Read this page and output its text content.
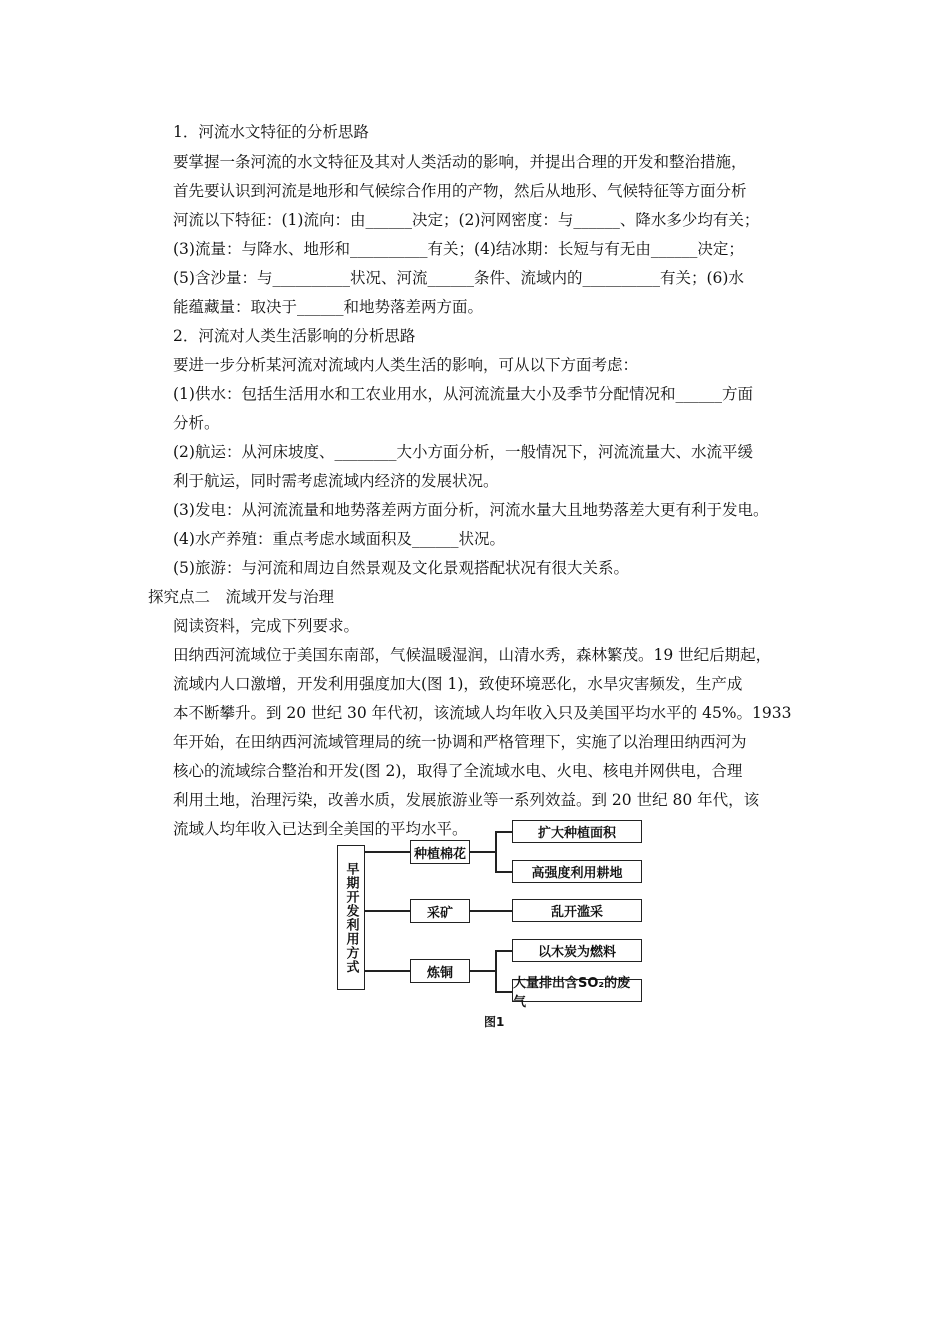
1．河流水文特征的分析思路
要掌握一条河流的水文特征及其对人类活动的影响，并提出合理的开发和整治措施，
首先要认识到河流是地形和气候综合作用的产物，然后从地形、气候特征等方面分析
河流以下特征：(1)流向：由______决定；(2)河网密度：与______、降水多少均有关；
(3)流量：与降水、地形和__________有关；(4)结冰期：长短与有无由______决定；
(5)含沙量：与__________状况、河流______条件、流域内的__________有关；(6)水
能蕴藏量：取决于______和地势落差两方面。
2．河流对人类生活影响的分析思路
要进一步分析某河流对流域内人类生活的影响，可从以下方面考虑：
(1)供水：包括生活用水和工农业用水，从河流流量大小及季节分配情况和______方面
分析。
(2)航运：从河床坡度、________大小方面分析，一般情况下，河流流量大、水流平缓
利于航运，同时需考虑流域内经济的发展状况。
(3)发电：从河流流量和地势落差两方面分析，河流水量大且地势落差大更有利于发电。
(4)水产养殖：重点考虑水域面积及______状况。
(5)旅游：与河流和周边自然景观及文化景观搭配状况有很大关系。
探究点二　流域开发与治理
阅读资料，完成下列要求。
田纳西河流域位于美国东南部，气候温暖湿润，山清水秀，森林繁茂。19 世纪后期起，
流域内人口激增，开发利用强度加大(图 1)，致使环境恶化，水旱灾害频发，生产成
本不断攀升。到 20 世纪 30 年代初，该流域人均年收入只及美国平均水平的 45%。1933
年开始，在田纳西河流域管理局的统一协调和严格管理下，实施了以治理田纳西河为
核心的流域综合整治和开发(图 2)，取得了全流域水电、火电、核电并网供电，合理
利用土地，治理污染，改善水质，发展旅游业等一系列效益。到 20 世纪 80 年代，该
流域人均年收入已达到全美国的平均水平。
早期开发利用方式
种植棉花
采矿
炼铜
扩大种植面积
高强度利用耕地
乱开滥采
以木炭为燃料
大量排出含SO₂的废气
图1
